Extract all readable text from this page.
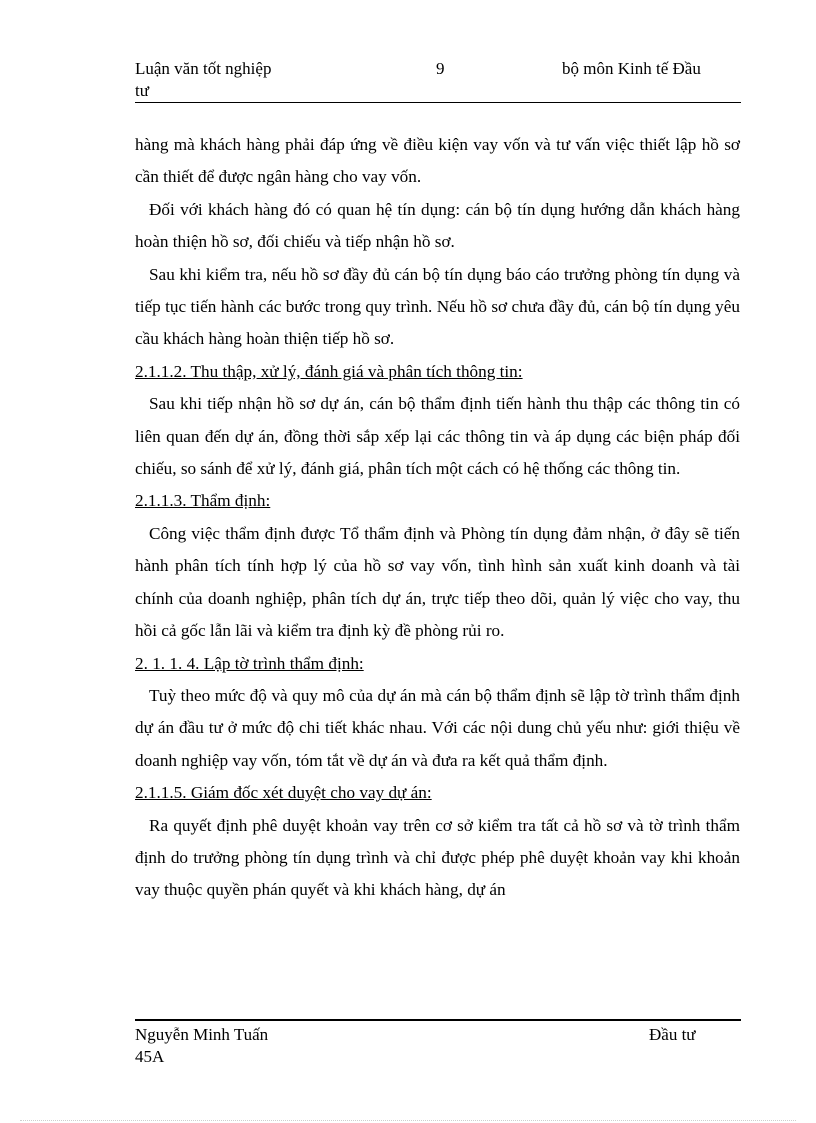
Luận văn tốt nghiệp	9	bộ môn Kinh tế Đầu
tư

hàng mà khách hàng phải đáp ứng về điều kiện vay vốn và tư vấn việc thiết lập hồ sơ cần thiết để được ngân hàng cho vay vốn.

Đối với khách hàng đó có quan hệ tín dụng: cán bộ tín dụng hướng dẫn khách hàng hoàn thiện hồ sơ, đối chiếu và tiếp nhận hồ sơ.

Sau khi kiểm tra, nếu hồ sơ đầy đủ cán bộ tín dụng báo cáo trưởng phòng tín dụng và tiếp tục tiến hành các bước trong quy trình. Nếu hồ sơ chưa đầy đủ, cán bộ tín dụng yêu cầu khách hàng hoàn thiện tiếp hồ sơ.

2.1.1.2. Thu thập, xử lý, đánh giá và phân tích thông tin:

Sau khi tiếp nhận hồ sơ dự án, cán bộ thẩm định tiến hành thu thập các thông tin có liên quan đến dự án, đồng thời sắp xếp lại các thông tin và áp dụng các biện pháp đối chiếu, so sánh để xử lý, đánh giá, phân tích một cách có hệ thống các thông tin.

2.1.1.3. Thẩm định:

Công việc thẩm định được Tổ thẩm định và Phòng tín dụng đảm nhận, ở đây sẽ tiến hành phân tích tính hợp lý của hồ sơ vay vốn, tình hình sản xuất kinh doanh và tài chính của doanh nghiệp, phân tích dự án, trực tiếp theo dõi, quản lý việc cho vay, thu hồi cả gốc lẫn lãi và kiểm tra định kỳ đề phòng rủi ro.

2. 1. 1. 4. Lập tờ trình thẩm định:

Tuỳ theo mức độ và quy mô của dự án mà cán bộ thẩm định sẽ lập tờ trình thẩm định dự án đầu tư ở mức độ chi tiết khác nhau. Với các nội dung chủ yếu như: giới thiệu về doanh nghiệp vay vốn, tóm tắt về dự án và đưa ra kết quả thẩm định.

2.1.1.5. Giám đốc xét duyệt cho vay dự án:

Ra quyết định phê duyệt khoản vay trên cơ sở kiểm tra tất cả hồ sơ và tờ trình thẩm định do trưởng phòng tín dụng trình và chỉ được phép phê duyệt khoản vay khi khoản vay thuộc quyền phán quyết và khi khách hàng, dự án

Nguyễn Minh Tuấn	Đầu tư
45A
